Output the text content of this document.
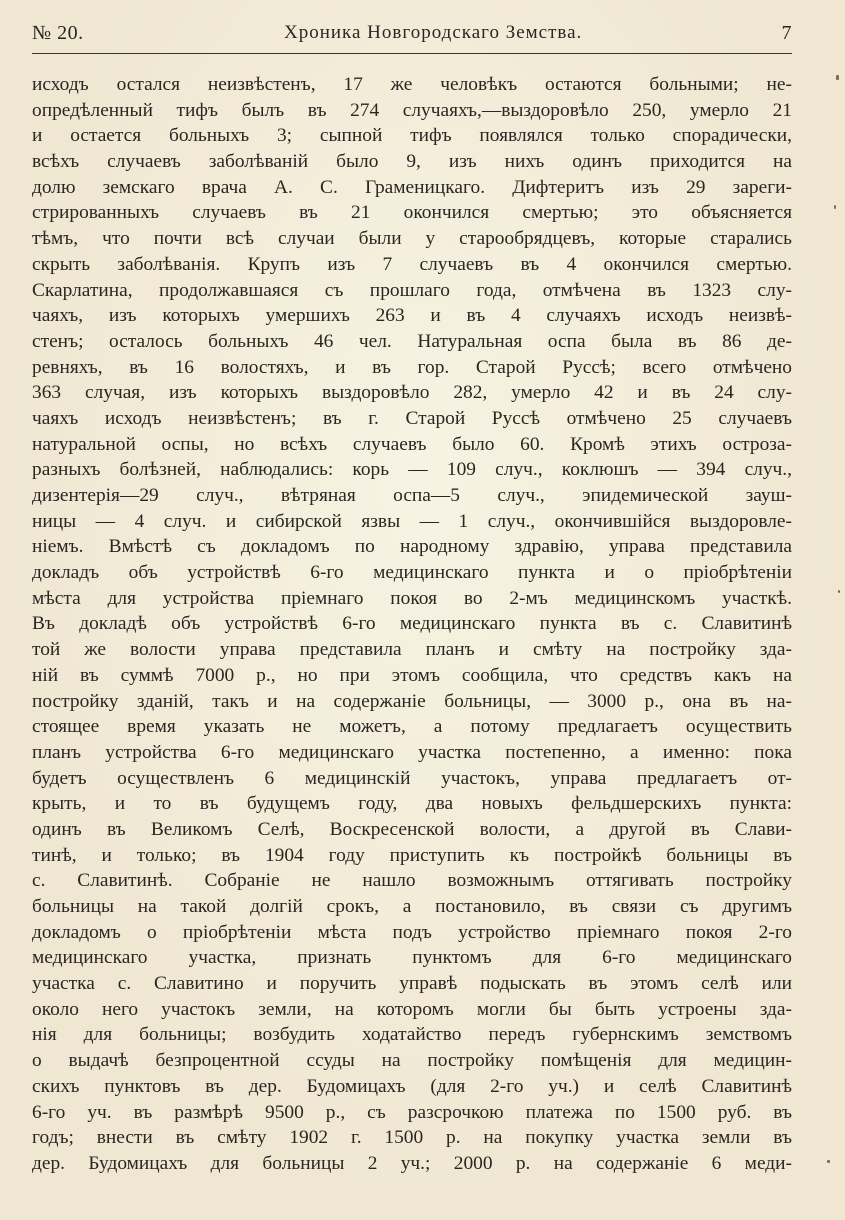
№ 20.	Хроника Новгородскаго Земства.	7
исходъ остался неизвѣстенъ, 17 же человѣкъ остаются больными; не-
опредѣленный тифъ былъ въ 274 случаяхъ,—выздоровѣло 250, умерло 21
и остается больныхъ 3; сыпной тифъ появлялся только спорадически,
всѣхъ случаевъ заболѣваній было 9, изъ нихъ одинъ приходится на
долю земскаго врача А. С. Граменицкаго. Дифтеритъ изъ 29 зареги-
стрированныхъ случаевъ въ 21 окончился смертью; это объясняется
тѣмъ, что почти всѣ случаи были у старообрядцевъ, которые старались
скрыть заболѣванія. Крупъ изъ 7 случаевъ въ 4 окончился смертью.
Скарлатина, продолжавшаяся съ прошлаго года, отмѣчена въ 1323 слу-
чаяхъ, изъ которыхъ умершихъ 263 и въ 4 случаяхъ исходъ неизвѣ-
стенъ; осталось больныхъ 46 чел. Натуральная оспа была въ 86 де-
ревняхъ, въ 16 волостяхъ, и въ гор. Старой Руссѣ; всего отмѣчено
363 случая, изъ которыхъ выздоровѣло 282, умерло 42 и въ 24 слу-
чаяхъ исходъ неизвѣстенъ; въ г. Старой Руссѣ отмѣчено 25 случаевъ
натуральной оспы, но всѣхъ случаевъ было 60. Кромѣ этихъ остроза-
разныхъ болѣзней, наблюдались: корь — 109 случ., коклюшъ — 394 случ.,
дизентерія—29 случ., вѣтряная оспа—5 случ., эпидемической зауш-
ницы — 4 случ. и сибирской язвы — 1 случ., окончившійся выздоровле-
ніемъ. Вмѣстѣ съ докладомъ по народному здравію, управа представила
докладъ объ устройствѣ 6-го медицинскаго пункта и о пріобрѣтеніи
мѣста для устройства пріемнаго покоя во 2-мъ медицинскомъ участкѣ.
Въ докладѣ объ устройствѣ 6-го медицинскаго пункта въ с. Славитинѣ
той же волости управа представила планъ и смѣту на постройку зда-
ній въ суммѣ 7000 р., но при этомъ сообщила, что средствъ какъ на
постройку зданій, такъ и на содержаніе больницы, — 3000 р., она въ на-
стоящее время указать не можетъ, а потому предлагаетъ осуществить
планъ устройства 6-го медицинскаго участка постепенно, а именно: пока
будетъ осуществленъ 6 медицинскій участокъ, управа предлагаетъ от-
крыть, и то въ будущемъ году, два новыхъ фельдшерскихъ пункта:
одинъ въ Великомъ Селѣ, Воскресенской волости, а другой въ Слави-
тинѣ, и только; въ 1904 году приступить къ постройкѣ больницы въ
с. Славитинѣ. Собраніе не нашло возможнымъ оттягивать постройку
больницы на такой долгій срокъ, а постановило, въ связи съ другимъ
докладомъ о пріобрѣтеніи мѣста подъ устройство пріемнаго покоя 2-го
медицинскаго участка, признать пунктомъ для 6-го медицинскаго
участка с. Славитино и поручить управѣ подыскать въ этомъ селѣ или
около него участокъ земли, на которомъ могли бы быть устроены зда-
нія для больницы; возбудить ходатайство передъ губернскимъ земствомъ
о выдачѣ безпроцентной ссуды на постройку помѣщенія для медицин-
скихъ пунктовъ въ дер. Будомицахъ (для 2-го уч.) и селѣ Славитинѣ
6-го уч. въ размѣрѣ 9500 р., съ разсрочкою платежа по 1500 руб. въ
годъ; внести въ смѣту 1902 г. 1500 р. на покупку участка земли въ
дер. Будомицахъ для больницы 2 уч.; 2000 р. на содержаніе 6 меди-
